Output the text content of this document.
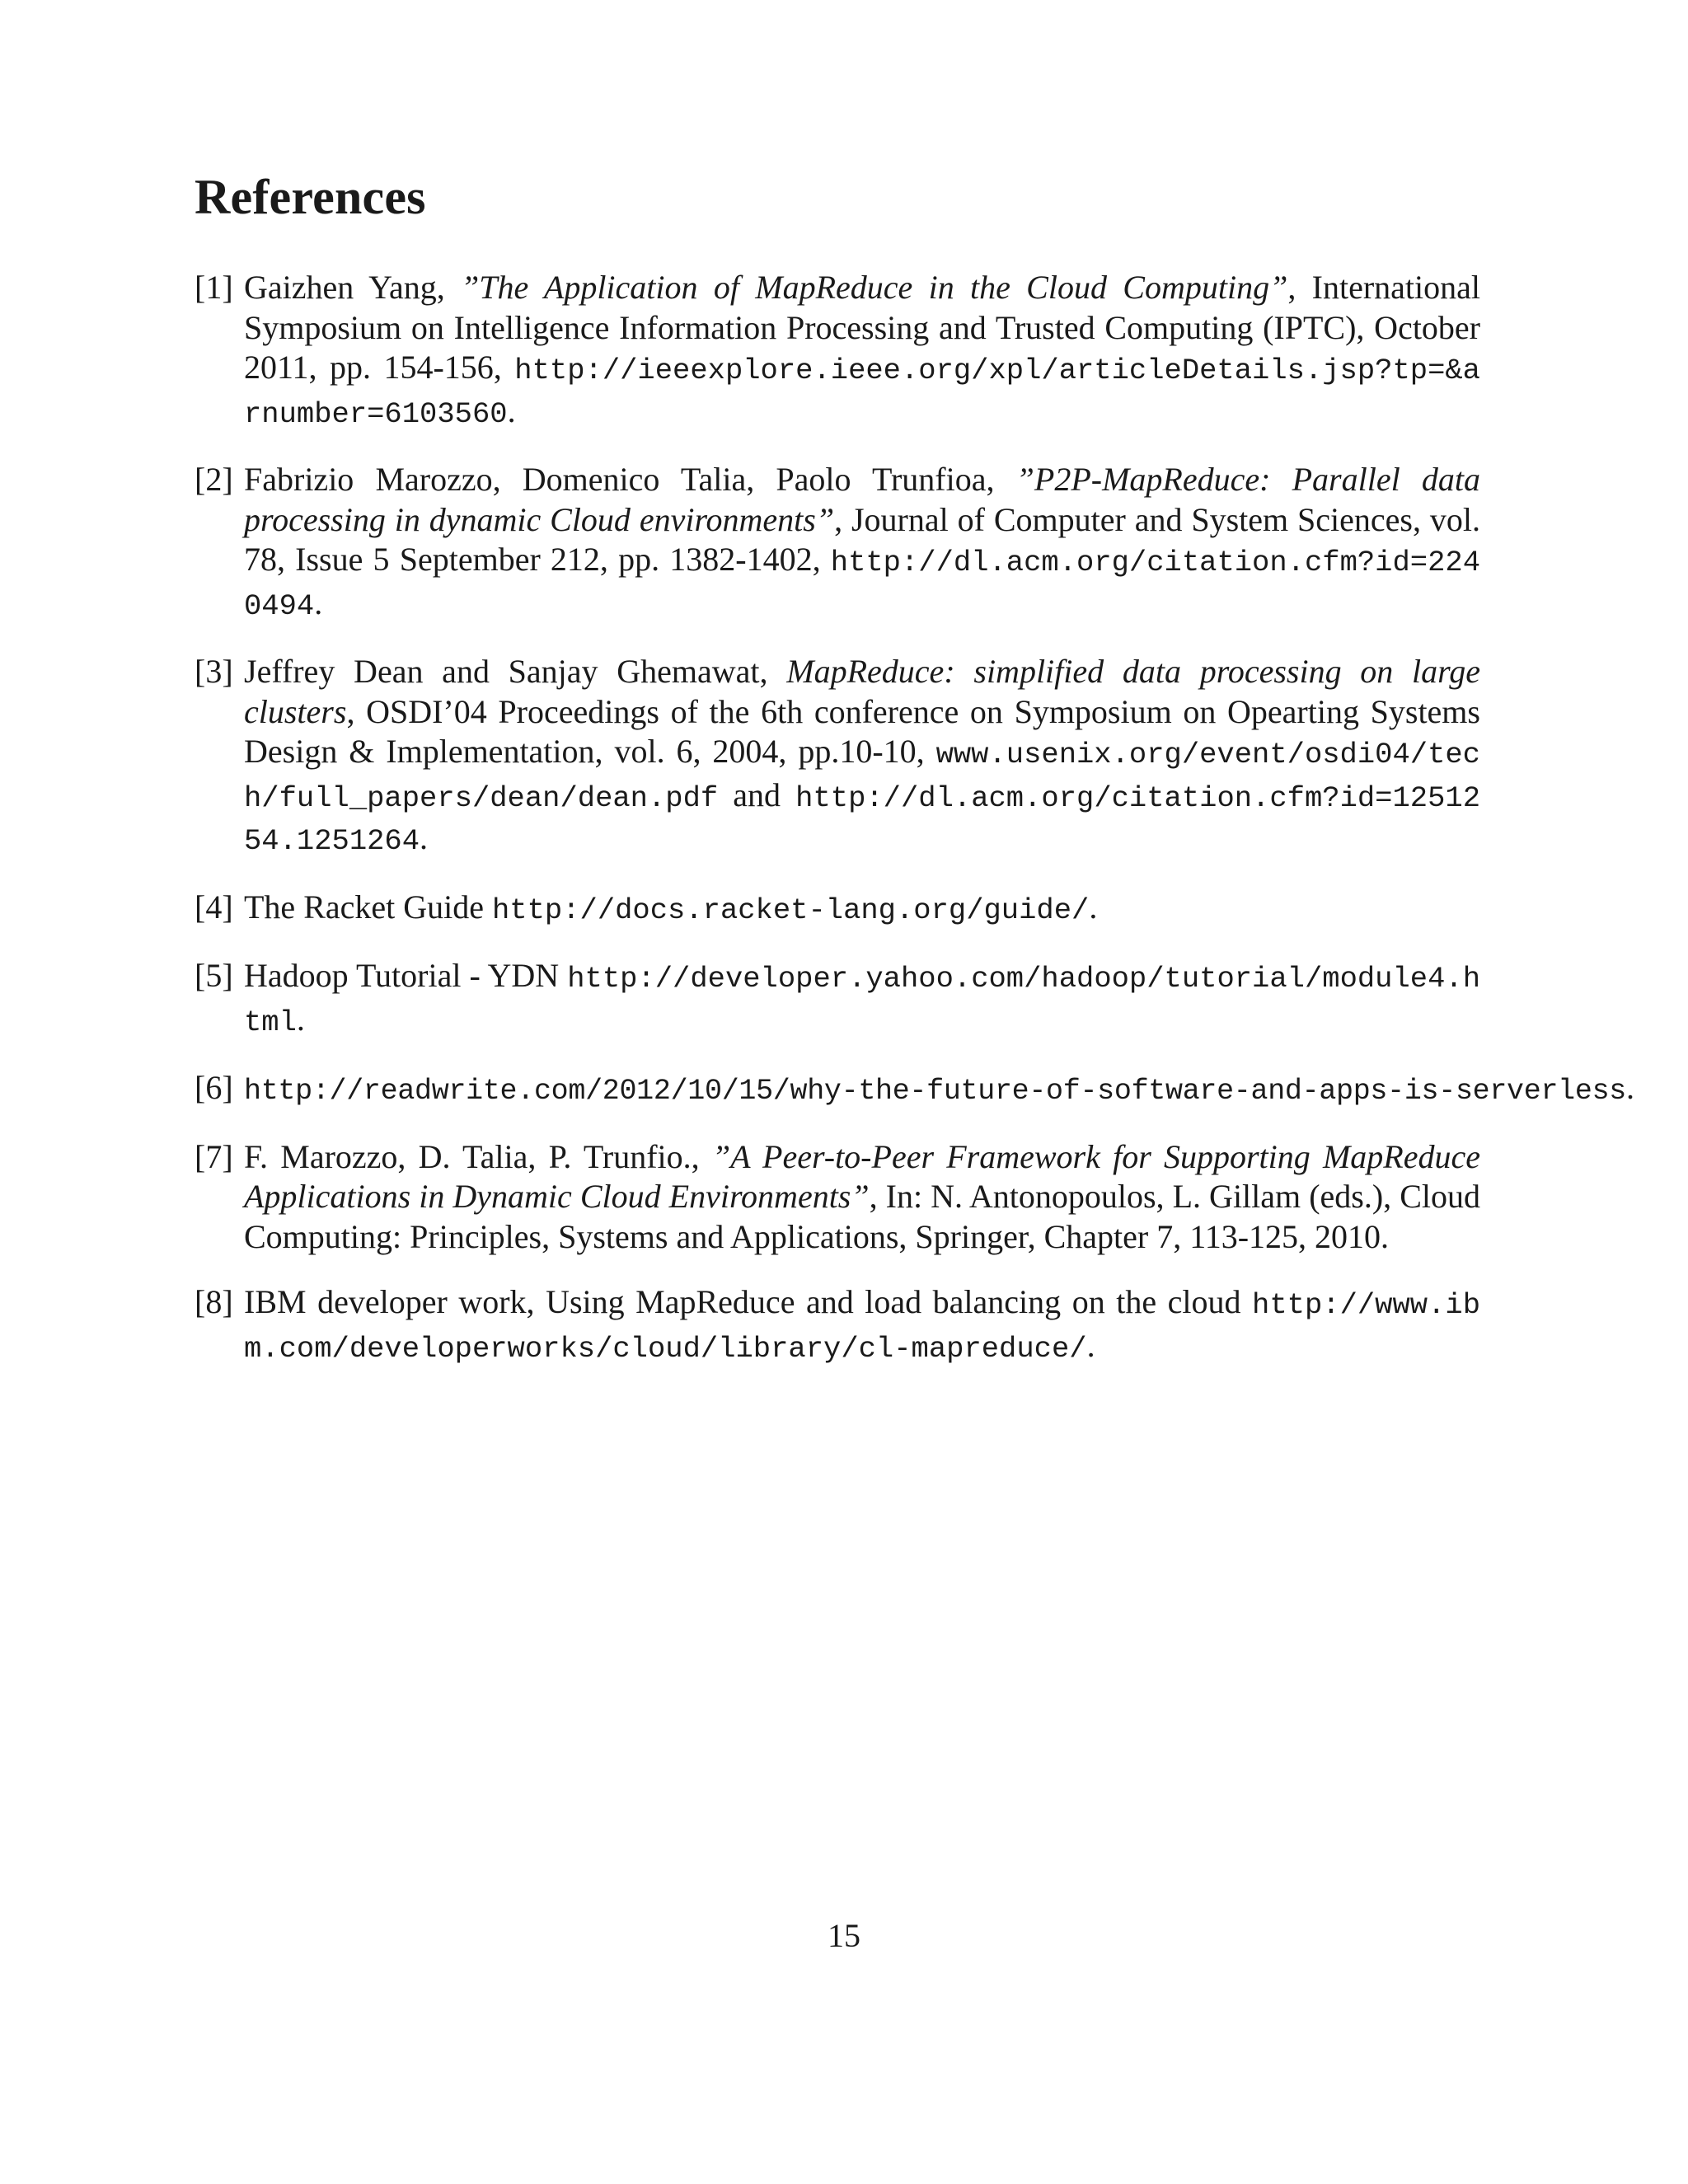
References
[1] Gaizhen Yang, ”The Application of MapReduce in the Cloud Computing”, International Symposium on Intelligence Information Processing and Trusted Computing (IPTC), October 2011, pp. 154-156, http://ieeexplore.ieee.org/xpl/articleDetails.jsp?tp=&arnumber=6103560.
[2] Fabrizio Marozzo, Domenico Talia, Paolo Trunfioa, ”P2P-MapReduce: Parallel data processing in dynamic Cloud environments”, Journal of Computer and System Sciences, vol. 78, Issue 5 September 212, pp. 1382-1402, http://dl.acm.org/citation.cfm?id=2240494.
[3] Jeffrey Dean and Sanjay Ghemawat, MapReduce: simplified data processing on large clusters, OSDI’04 Proceedings of the 6th conference on Symposium on Opearting Systems Design & Implementation, vol. 6, 2004, pp.10-10, www.usenix.org/event/osdi04/tech/full_papers/dean/dean.pdf and http://dl.acm.org/citation.cfm?id=1251254.1251264.
[4] The Racket Guide http://docs.racket-lang.org/guide/.
[5] Hadoop Tutorial - YDN http://developer.yahoo.com/hadoop/tutorial/module4.html.
[6] http://readwrite.com/2012/10/15/why-the-future-of-software-and-apps-is-serverless.
[7] F. Marozzo, D. Talia, P. Trunfio., ”A Peer-to-Peer Framework for Supporting MapReduce Applications in Dynamic Cloud Environments”, In: N. Antonopoulos, L. Gillam (eds.), Cloud Computing: Principles, Systems and Applications, Springer, Chapter 7, 113-125, 2010.
[8] IBM developer work, Using MapReduce and load balancing on the cloud http://www.ibm.com/developerworks/cloud/library/cl-mapreduce/.

15
